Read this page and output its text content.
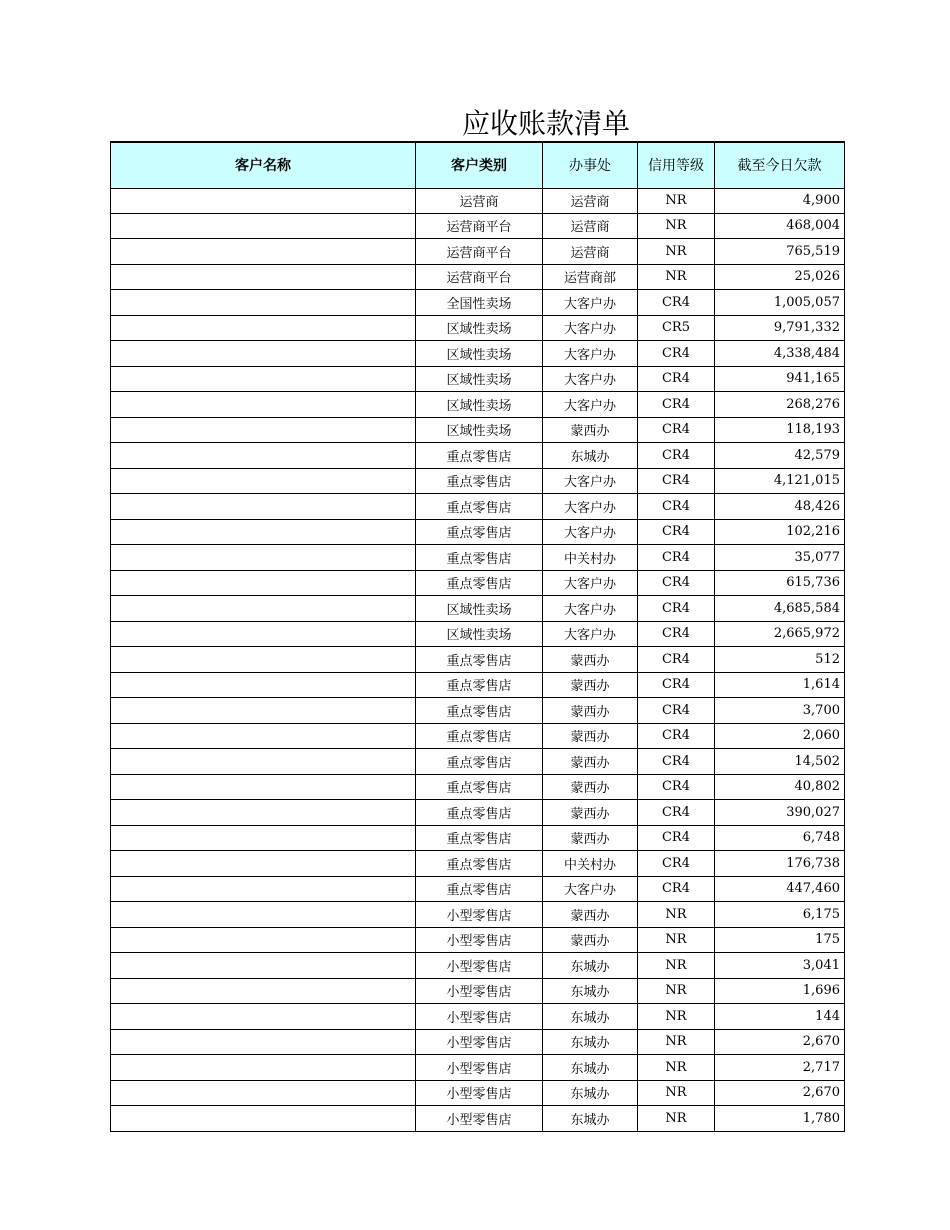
应收账款清单
客户名称	客户类别	办事处	信用等级	截至今日欠款
	运营商	运营商	NR	4,900
	运营商平台	运营商	NR	468,004
	运营商平台	运营商	NR	765,519
	运营商平台	运营商部	NR	25,026
	全国性卖场	大客户办	CR4	1,005,057
	区域性卖场	大客户办	CR5	9,791,332
	区域性卖场	大客户办	CR4	4,338,484
	区域性卖场	大客户办	CR4	941,165
	区域性卖场	大客户办	CR4	268,276
	区域性卖场	蒙西办	CR4	118,193
	重点零售店	东城办	CR4	42,579
	重点零售店	大客户办	CR4	4,121,015
	重点零售店	大客户办	CR4	48,426
	重点零售店	大客户办	CR4	102,216
	重点零售店	中关村办	CR4	35,077
	重点零售店	大客户办	CR4	615,736
	区域性卖场	大客户办	CR4	4,685,584
	区域性卖场	大客户办	CR4	2,665,972
	重点零售店	蒙西办	CR4	512
	重点零售店	蒙西办	CR4	1,614
	重点零售店	蒙西办	CR4	3,700
	重点零售店	蒙西办	CR4	2,060
	重点零售店	蒙西办	CR4	14,502
	重点零售店	蒙西办	CR4	40,802
	重点零售店	蒙西办	CR4	390,027
	重点零售店	蒙西办	CR4	6,748
	重点零售店	中关村办	CR4	176,738
	重点零售店	大客户办	CR4	447,460
	小型零售店	蒙西办	NR	6,175
	小型零售店	蒙西办	NR	175
	小型零售店	东城办	NR	3,041
	小型零售店	东城办	NR	1,696
	小型零售店	东城办	NR	144
	小型零售店	东城办	NR	2,670
	小型零售店	东城办	NR	2,717
	小型零售店	东城办	NR	2,670
	小型零售店	东城办	NR	1,780
